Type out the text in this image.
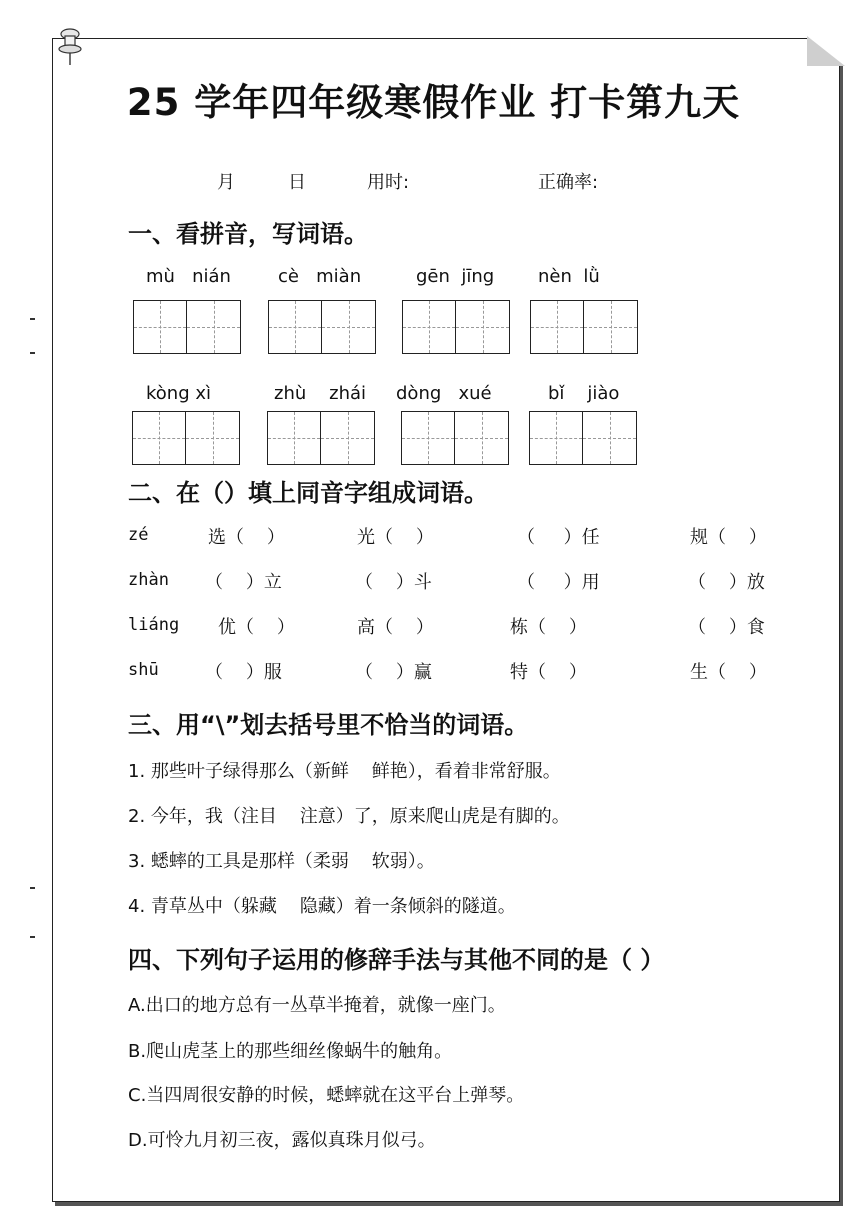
25 学年四年级寒假作业 打卡第九天
月	日	用时:	正确率:
一、看拼音，写词语。
mù   nián	cè   miàn	gēn  jīng nèn  lǜ
kòng xì	zhù    zhái dòng   xué	bǐ    jiào
二、在（）填上同音字组成词语。
zé	选（    ）	光（    ）	（     ）任	规（    ）
zhàn （    ）立	（    ）斗	（     ）用	（    ）放
liáng 优（    ）	高（    ）	栋（    ）	（    ）食
shū	（    ）服	（    ）赢	特（    ）	生（    ）
三、用“\”划去括号里不恰当的词语。
1. 那些叶子绿得那么（新鲜    鲜艳），看着非常舒服。
2. 今年，我（注目    注意）了，原来爬山虎是有脚的。
3. 蟋蟀的工具是那样（柔弱    软弱）。
4. 青草丛中（躲藏    隐藏）着一条倾斜的隧道。
四、下列句子运用的修辞手法与其他不同的是（ ）
A.出口的地方总有一丛草半掩着，就像一座门。
B.爬山虎茎上的那些细丝像蜗牛的触角。
C.当四周很安静的时候，蟋蟀就在这平台上弹琴。
D.可怜九月初三夜，露似真珠月似弓。
